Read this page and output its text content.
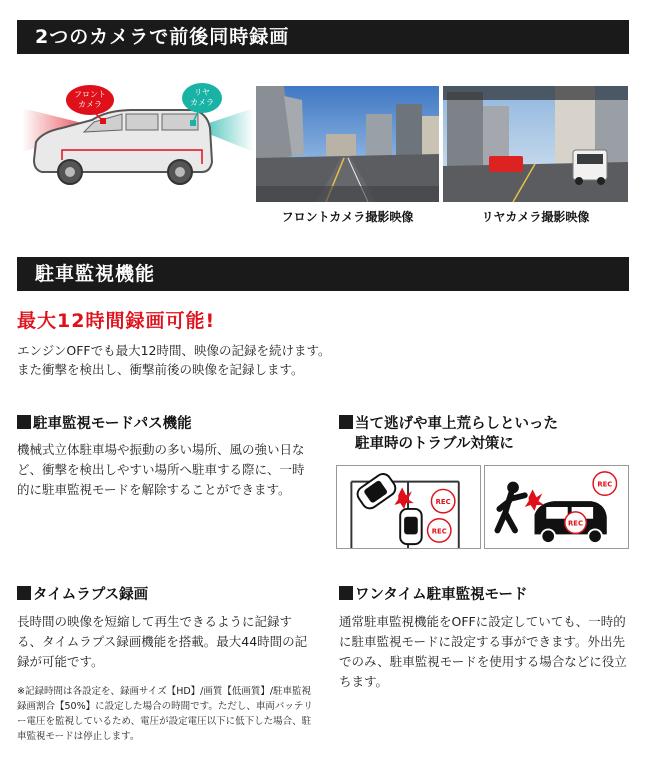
2つのカメラで前後同時録画
フロント
カメラ
リヤ
カメラ
フロントカメラ撮影映像	リヤカメラ撮影映像
駐車監視機能
最大12時間録画可能!
エンジンOFFでも最大12時間、映像の記録を続けます。
また衝撃を検出し、衝撃前後の映像を記録します。
駐車監視モードパス機能
機械式立体駐車場や振動の多い場所、風の強い日など、衝撃を検出しやすい場所へ駐車する際に、一時的に駐車監視モードを解除することができます。
当て逃げや車上荒らしといった
駐車時のトラブル対策に
REC
REC
REC
REC
タイムラプス録画
長時間の映像を短縮して再生できるように記録する、タイムラプス録画機能を搭載。最大44時間の記録が可能です。
※記録時間は各設定を、録画サイズ【HD】/画質【低画質】/駐車監視録画割合【50%】に設定した場合の時間です。ただし、車両バッテリー電圧を監視しているため、電圧が設定電圧以下に低下した場合、駐車監視モードは停止します。
ワンタイム駐車監視モード
通常駐車監視機能をOFFに設定していても、一時的に駐車監視モードに設定する事ができます。外出先でのみ、駐車監視モードを使用する場合などに役立ちます。
